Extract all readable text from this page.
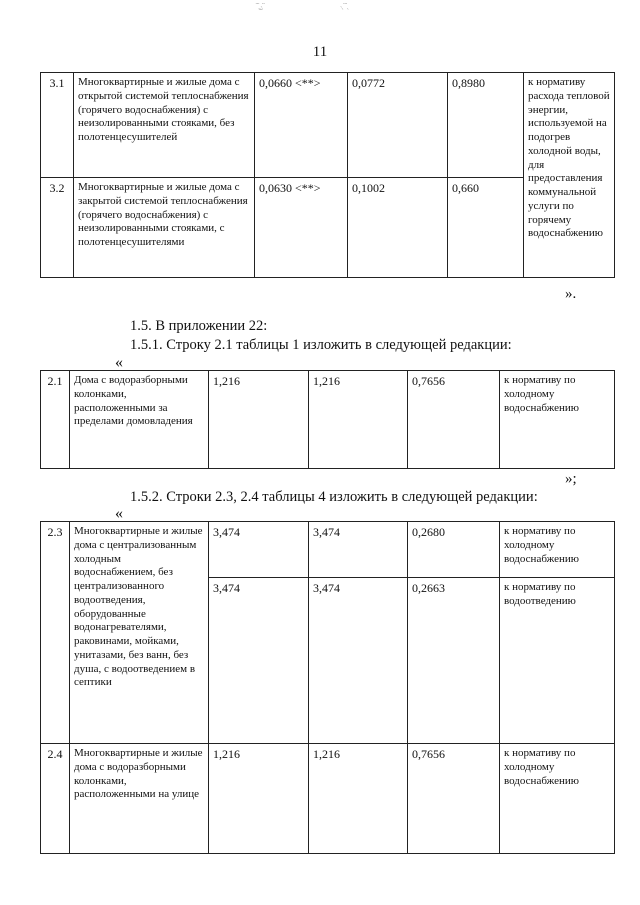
˙ˋ͜˙ˏ˴ˋ˙	˴ˏ˙ˋ˙ˏ
11
3.1	Многоквартирные и жилые дома с открытой системой теплоснабжения (горячего водоснабжения) с неизолированными стояками, без полотенцесушителей	0,0660 <**>	0,0772	0,8980	к нормативу расхода тепловой энергии, используемой на подогрев холодной воды, для предоставления коммунальной услуги по горячему водоснабжению
3.2	Многоквартирные и жилые дома с закрытой системой теплоснабжения (горячего водоснабжения) с неизолированными стояками, с полотенцесушителями	0,0630 <**>	0,1002	0,660	
».
1.5. В приложении 22:
1.5.1. Строку 2.1 таблицы 1 изложить в следующей редакции:
«
2.1	Дома с водоразборными колонками, расположенными за пределами домовладения	1,216	1,216	0,7656	к нормативу по холодному водоснабжению
»;
1.5.2. Строки 2.3, 2.4 таблицы 4 изложить в следующей редакции:
«
2.3	Многоквартирные и жилые дома с централизованным холодным водоснабжением, без централизованного водоотведения, оборудованные водонагревателями, раковинами, мойками, унитазами, без ванн, без душа, с водоотведением в септики	3,474	3,474	0,2680	к нормативу по холодному водоснабжению
		3,474	3,474	0,2663	к нормативу по водоотведению
2.4	Многоквартирные и жилые дома с водоразборными колонками, расположенными на улице	1,216	1,216	0,7656	к нормативу по холодному водоснабжению
